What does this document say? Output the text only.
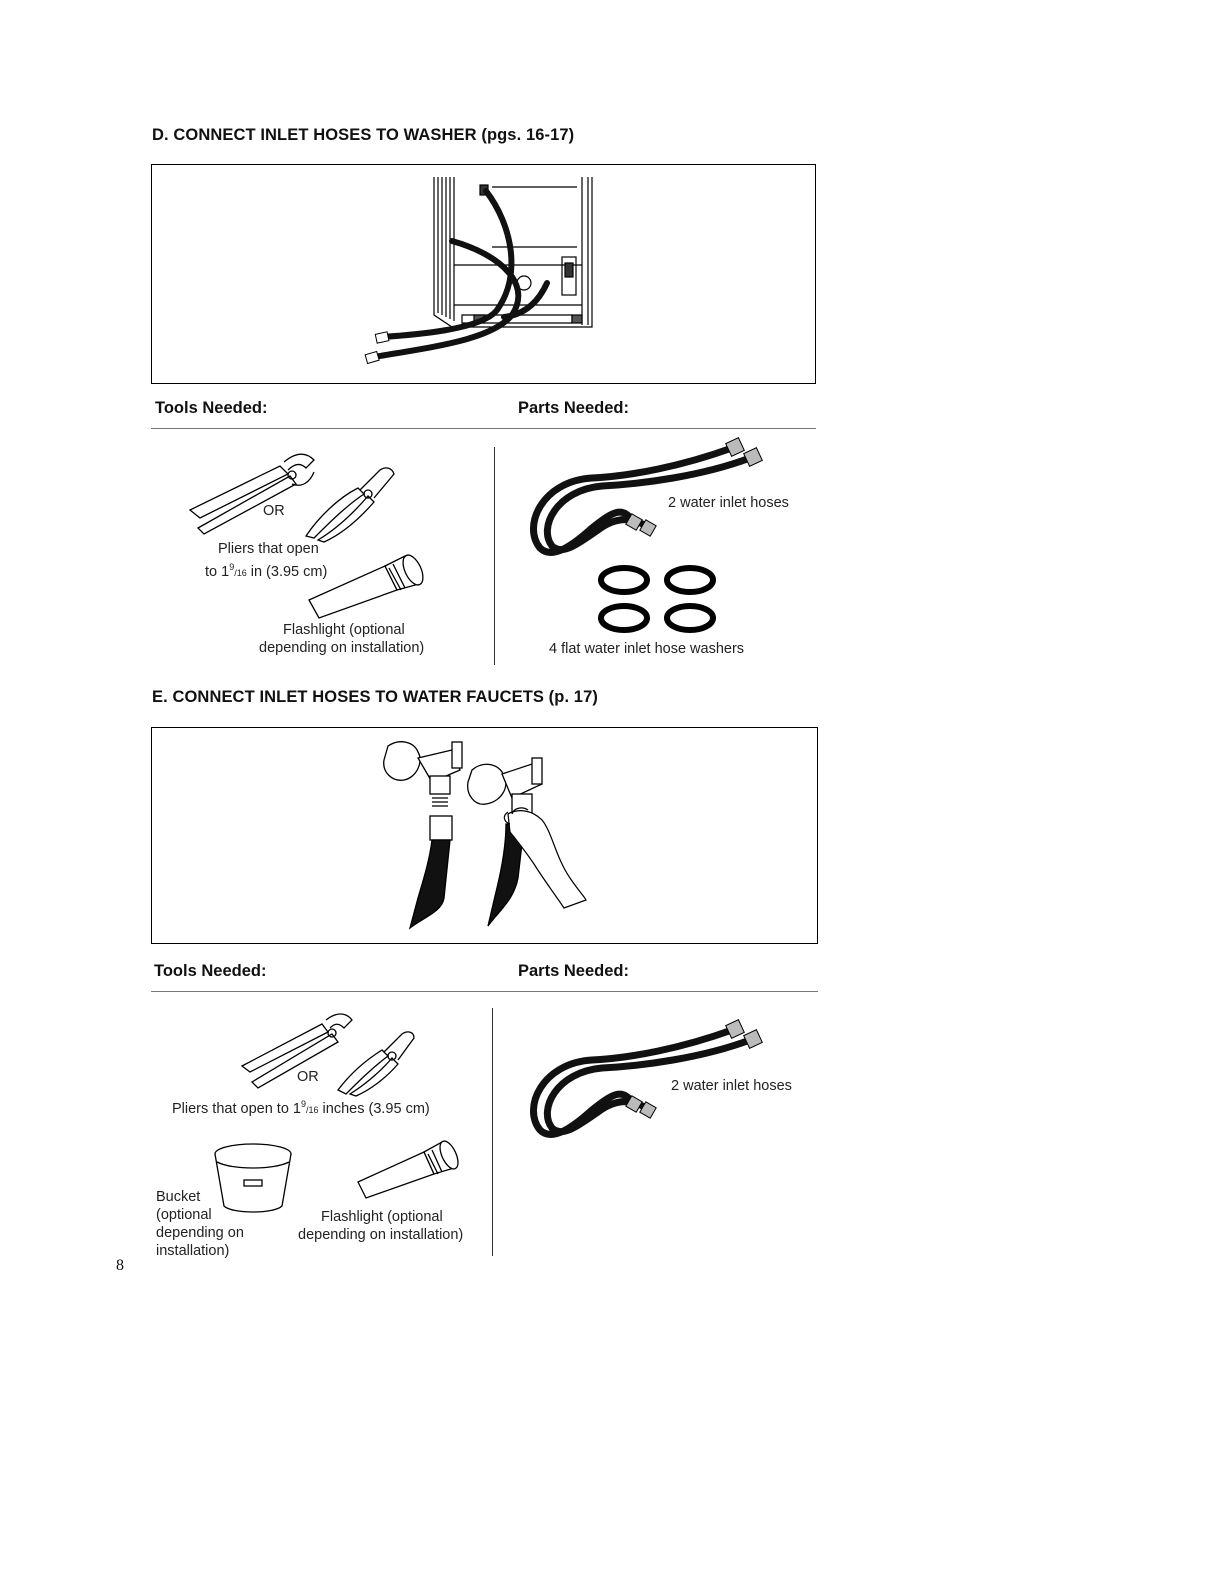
D. CONNECT INLET HOSES TO WASHER (pgs. 16-17)
Tools Needed:	Parts Needed:
OR
Pliers that open
to $1^9/16$ in (3.95 cm)
Flashlight (optional
depending on installation)
2 water inlet hoses
4 flat water inlet hose washers
E. CONNECT INLET HOSES TO WATER FAUCETS (p. 17)
Tools Needed:	Parts Needed:
OR
Pliers that open to $1^9/16$ inches (3.95 cm)
Bucket
(optional
depending on
installation)
Flashlight (optional
depending on installation)
2 water inlet hoses
8
